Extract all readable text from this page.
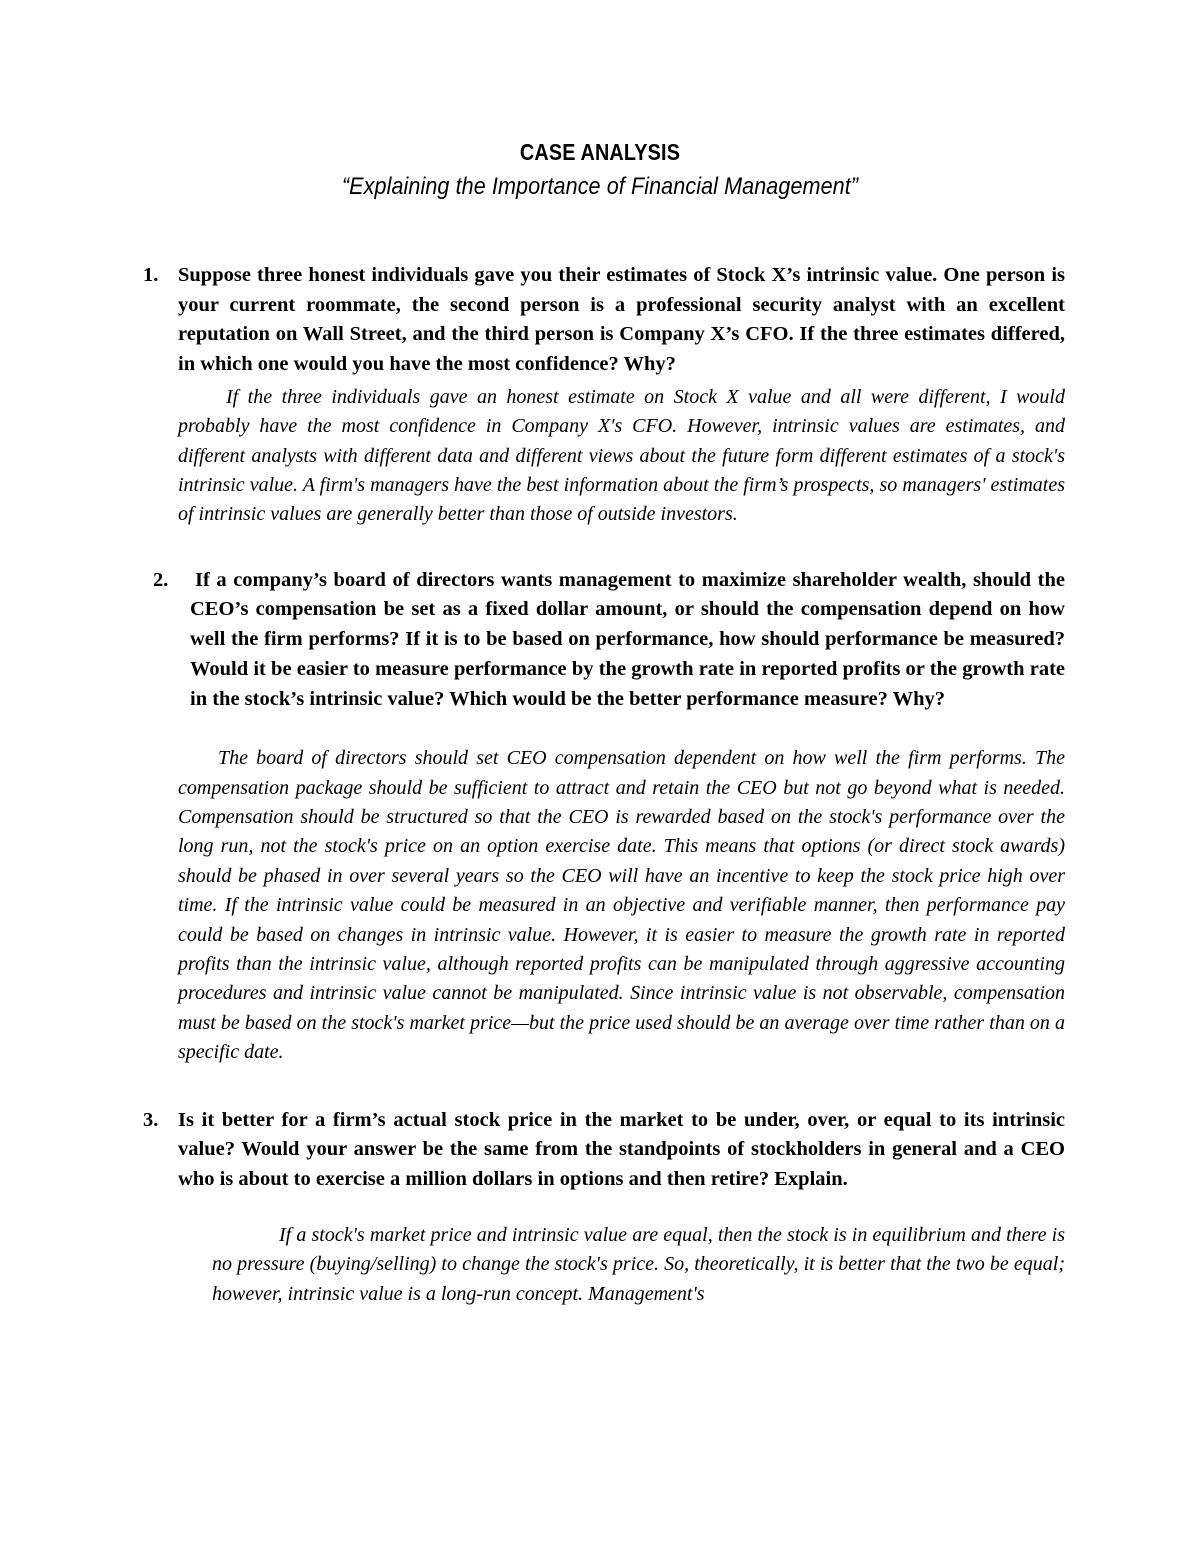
CASE ANALYSIS
“Explaining the Importance of Financial Management”
1. Suppose three honest individuals gave you their estimates of Stock X’s intrinsic value. One person is your current roommate, the second person is a professional security analyst with an excellent reputation on Wall Street, and the third person is Company X’s CFO. If the three estimates differed, in which one would you have the most confidence? Why?

If the three individuals gave an honest estimate on Stock X value and all were different, I would probably have the most confidence in Company X's CFO. However, intrinsic values are estimates, and different analysts with different data and different views about the future form different estimates of a stock's intrinsic value. A firm's managers have the best information about the firm’s prospects, so managers' estimates of intrinsic values are generally better than those of outside investors.

2. If a company’s board of directors wants management to maximize shareholder wealth, should the CEO’s compensation be set as a fixed dollar amount, or should the compensation depend on how well the firm performs? If it is to be based on performance, how should performance be measured? Would it be easier to measure performance by the growth rate in reported profits or the growth rate in the stock’s intrinsic value? Which would be the better performance measure? Why?

The board of directors should set CEO compensation dependent on how well the firm performs. The compensation package should be sufficient to attract and retain the CEO but not go beyond what is needed. Compensation should be structured so that the CEO is rewarded based on the stock's performance over the long run, not the stock's price on an option exercise date. This means that options (or direct stock awards) should be phased in over several years so the CEO will have an incentive to keep the stock price high over time. If the intrinsic value could be measured in an objective and verifiable manner, then performance pay could be based on changes in intrinsic value. However, it is easier to measure the growth rate in reported profits than the intrinsic value, although reported profits can be manipulated through aggressive accounting procedures and intrinsic value cannot be manipulated. Since intrinsic value is not observable, compensation must be based on the stock's market price—but the price used should be an average over time rather than on a specific date.

3. Is it better for a firm’s actual stock price in the market to be under, over, or equal to its intrinsic value? Would your answer be the same from the standpoints of stockholders in general and a CEO who is about to exercise a million dollars in options and then retire? Explain.

If a stock's market price and intrinsic value are equal, then the stock is in equilibrium and there is no pressure (buying/selling) to change the stock's price. So, theoretically, it is better that the two be equal; however, intrinsic value is a long-run concept. Management's
